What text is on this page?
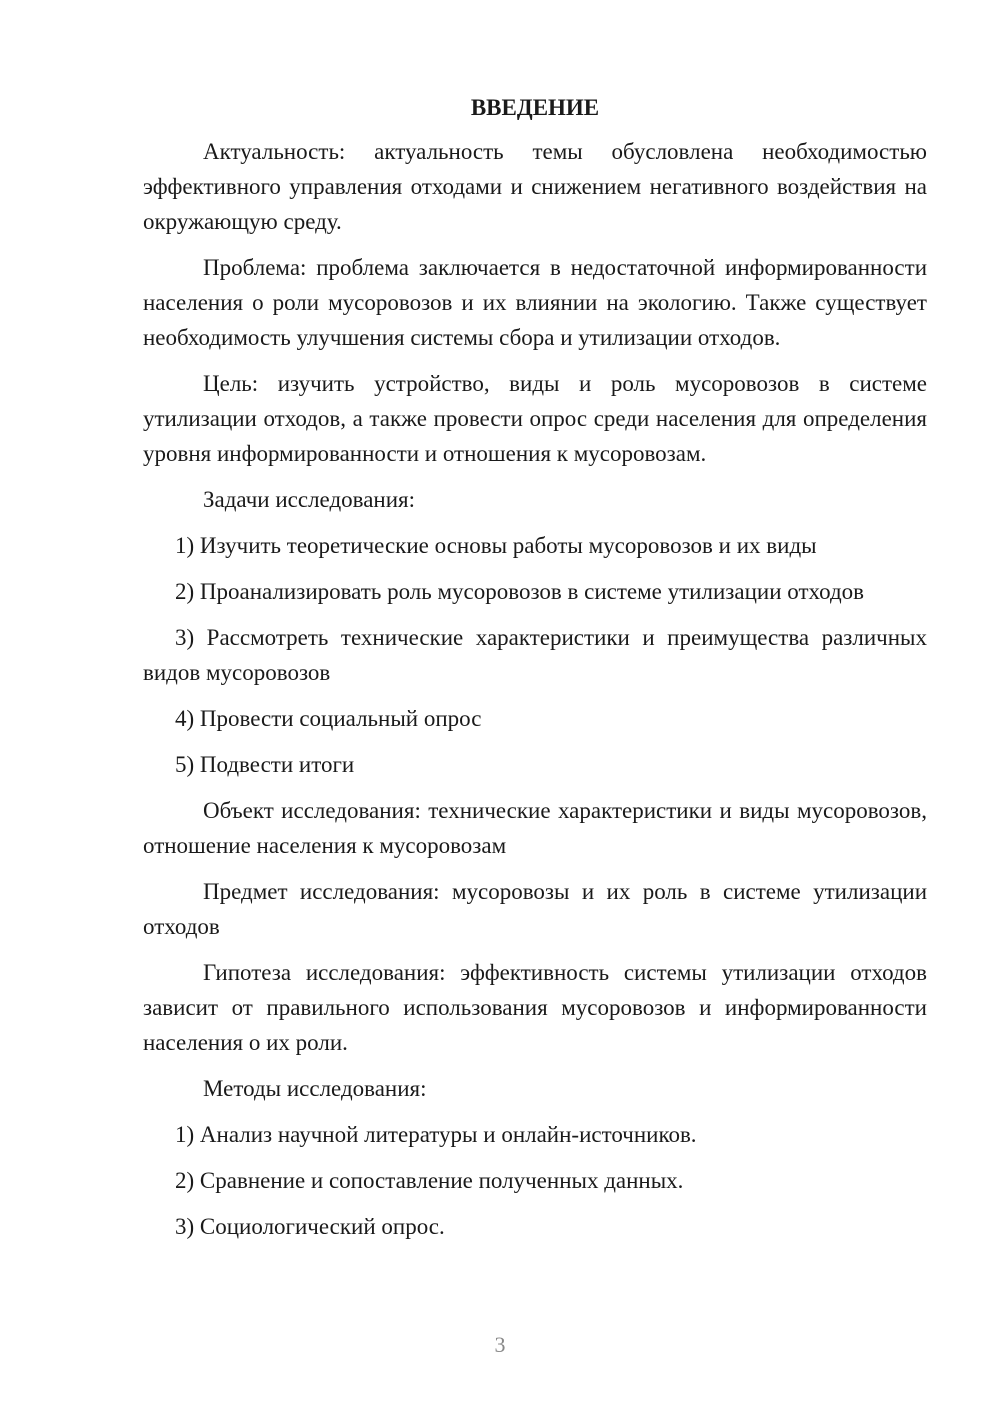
ВВЕДЕНИЕ

Актуальность: актуальность темы обусловлена необходимостью эффективного управления отходами и снижением негативного воздействия на окружающую среду.

Проблема: проблема заключается в недостаточной информированности населения о роли мусоровозов и их влиянии на экологию. Также существует необходимость улучшения системы сбора и утилизации отходов.

Цель: изучить устройство, виды и роль мусоровозов в системе утилизации отходов, а также провести опрос среди населения для определения уровня информированности и отношения к мусоровозам.

Задачи исследования:

1) Изучить теоретические основы работы мусоровозов и их виды

2) Проанализировать роль мусоровозов в системе утилизации отходов

3) Рассмотреть технические характеристики и преимущества различных видов мусоровозов

4) Провести социальный опрос

5) Подвести итоги

Объект исследования: технические характеристики и виды мусоровозов, отношение населения к мусоровозам

Предмет исследования: мусоровозы и их роль в системе утилизации отходов

Гипотеза исследования: эффективность системы утилизации отходов зависит от правильного использования мусоровозов и информированности населения о их роли.

Методы исследования:

1) Анализ научной литературы и онлайн-источников.

2) Сравнение и сопоставление полученных данных.

3) Социологический опрос.

3
